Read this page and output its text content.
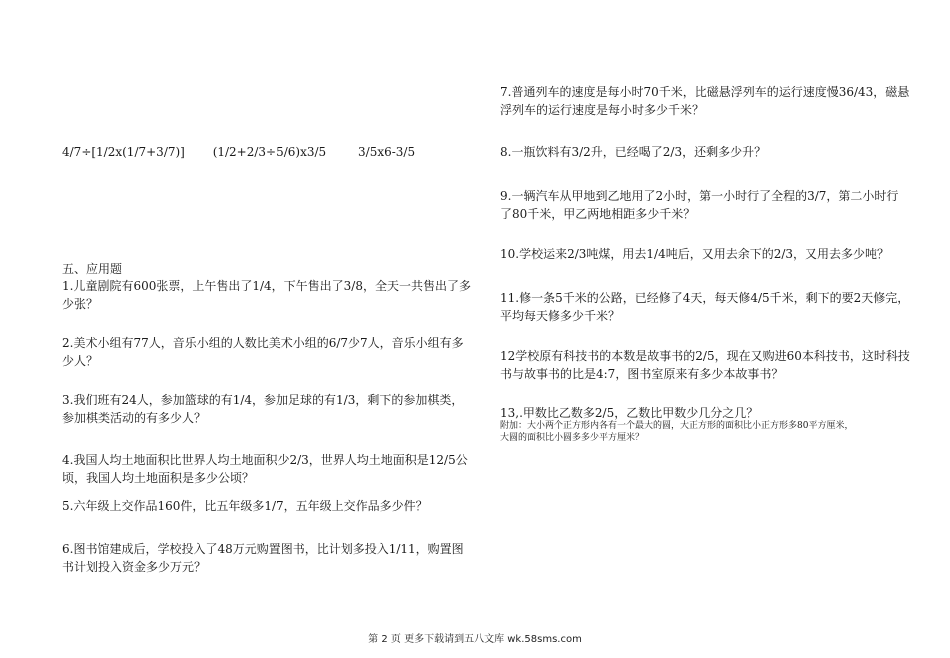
4/7÷[1/2x(1/7+3/7)] (1/2+2/3÷5/6)x3/5	3/5x6-3/5
五、应用题
1.儿童剧院有600张票，上午售出了1/4，下午售出了3/8，全天一共售出了多少张？
2.美术小组有77人，音乐小组的人数比美术小组的6/7少7人，音乐小组有多少人？
3.我们班有24人，参加篮球的有1/4，参加足球的有1/3，剩下的参加棋类，参加棋类活动的有多少人？
4.我国人均土地面积比世界人均土地面积少2/3，世界人均土地面积是12/5公顷，我国人均土地面积是多少公顷？
5.六年级上交作品160件，比五年级多1/7，五年级上交作品多少件？
6.图书馆建成后，学校投入了48万元购置图书，比计划多投入1/11，购置图书计划投入资金多少万元？
7.普通列车的速度是每小时70千米，比磁悬浮列车的运行速度慢36/43，磁悬浮列车的运行速度是每小时多少千米？
8.一瓶饮料有3/2升，已经喝了2/3，还剩多少升？
9.一辆汽车从甲地到乙地用了2小时，第一小时行了全程的3/7，第二小时行了80千米，甲乙两地相距多少千米？
10.学校运来2/3吨煤，用去1/4吨后，又用去余下的2/3，又用去多少吨？
11.修一条5千米的公路，已经修了4天，每天修4/5千米，剩下的要2天修完，平均每天修多少千米？
12学校原有科技书的本数是故事书的2/5，现在又购进60本科技书，这时科技书与故事书的比是4:7，图书室原来有多少本故事书？
13,.甲数比乙数多2/5，乙数比甲数少几分之几？
附加：大小两个正方形内各有一个最大的圆，大正方形的面积比小正方形多80平方厘米，大圆的面积比小圆多多少平方厘米？
第 2 页 更多下载请到五八文库 wk.58sms.com
